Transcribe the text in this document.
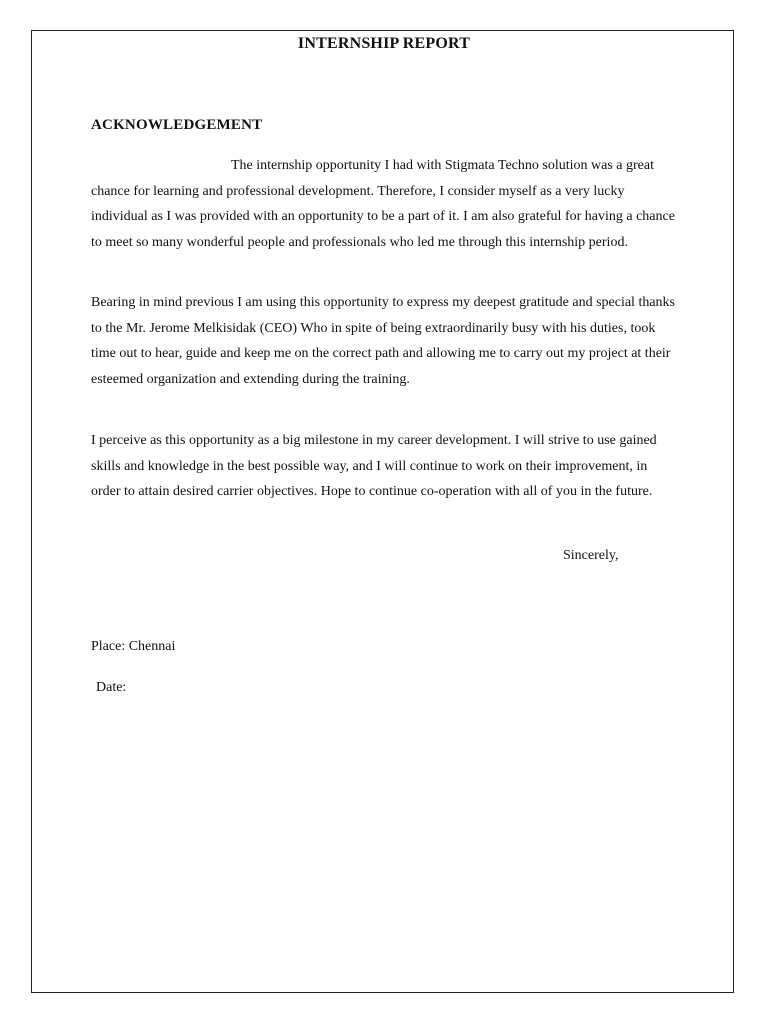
INTERNSHIP REPORT
ACKNOWLEDGEMENT

The internship opportunity I had with Stigmata Techno solution was a great chance for learning and professional development. Therefore, I consider myself as a very lucky individual as I was provided with an opportunity to be a part of it. I am also grateful for having a chance to meet so many wonderful people and professionals who led me through this internship period.

Bearing in mind previous I am using this opportunity to express my deepest gratitude and special thanks to the Mr. Jerome Melkisidak (CEO) Who in spite of being extraordinarily busy with his duties, took time out to hear, guide and keep me on the correct path and allowing me to carry out my project at their esteemed organization and extending during the training.

I perceive as this opportunity as a big milestone in my career development. I will strive to use gained skills and knowledge in the best possible way, and I will continue to work on their improvement, in order to attain desired carrier objectives. Hope to continue co-operation with all of you in the future.

Sincerely,
Place: Chennai
Date:
